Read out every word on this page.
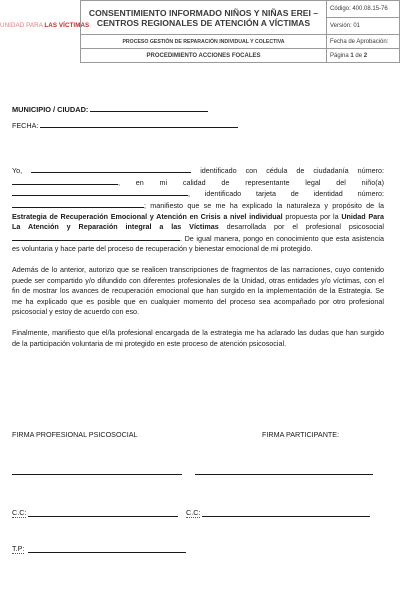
UNIDAD PARA LAS VÍCTIMAS
CONSENTIMIENTO INFORMADO NIÑOS Y NIÑAS EREI –
CENTROS REGIONALES DE ATENCIÓN A VÍCTIMAS	Código: 400.08.15-76
	Versión: 01
PROCESO GESTIÓN DE REPARACIÓN INDIVIDUAL Y COLECTIVA	Fecha de Aprobación:
PROCEDIMIENTO ACCIONES FOCALES	Página 1 de 2
MUNICIPIO / CIUDAD:
FECHA:

Yo,	identificado con cédula de ciudadanía número: , en mi calidad de representante legal del niño(a) , identificado tarjeta de identidad número: ; manifiesto que se me ha explicado la naturaleza y propósito de la Estrategia de Recuperación Emocional y Atención en Crisis a nivel individual propuesta por la Unidad Para La Atención y Reparación integral a las Víctimas desarrollada por el profesional psicosocial . De igual manera, pongo en conocimiento que esta asistencia es voluntaria y hace parte del proceso de recuperación y bienestar emocional de mi protegido.

Además de lo anterior, autorizo que se realicen transcripciones de fragmentos de las narraciones, cuyo contenido puede ser compartido y/o difundido con diferentes profesionales de la Unidad, otras entidades y/o víctimas, con el fin de mostrar los avances de recuperación emocional que han surgido en la implementación de la Estrategia. Se me ha explicado que es posible que en cualquier momento del proceso sea acompañado por otro profesional psicosocial y estoy de acuerdo con eso.

Finalmente, manifiesto que el/la profesional encargada de la estrategia me ha aclarado las dudas que han surgido de la participación voluntaria de mi protegido en este proceso de atención psicosocial.

FIRMA PROFESIONAL PSICOSOCIAL	FIRMA PARTICIPANTE:
C.C:	C.C:
T.P:
